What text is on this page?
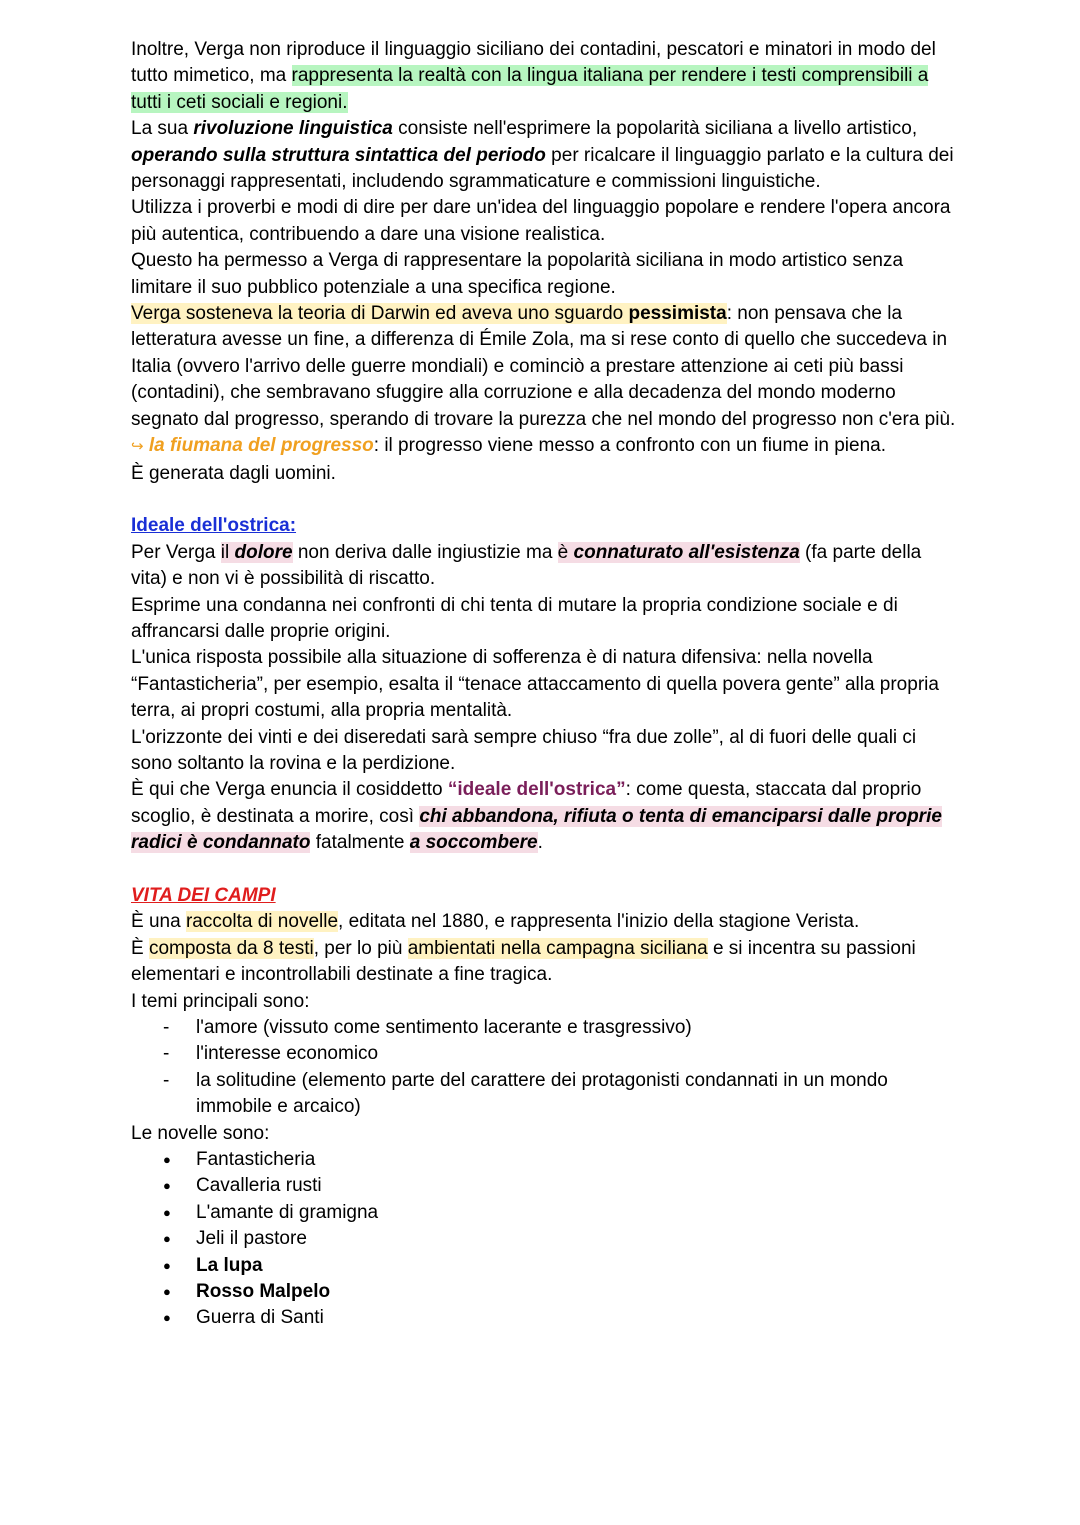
Inoltre, Verga non riproduce il linguaggio siciliano dei contadini, pescatori e minatori in modo del tutto mimetico, ma rappresenta la realtà con la lingua italiana per rendere i testi comprensibili a tutti i ceti sociali e regioni.

La sua rivoluzione linguistica consiste nell'esprimere la popolarità siciliana a livello artistico, operando sulla struttura sintattica del periodo per ricalcare il linguaggio parlato e la cultura dei personaggi rappresentati, includendo sgrammaticature e commissioni linguistiche.

Utilizza i proverbi e modi di dire per dare un'idea del linguaggio popolare e rendere l'opera ancora più autentica, contribuendo a dare una visione realistica.

Questo ha permesso a Verga di rappresentare la popolarità siciliana in modo artistico senza limitare il suo pubblico potenziale a una specifica regione.

Verga sosteneva la teoria di Darwin ed aveva uno sguardo pessimista: non pensava che la letteratura avesse un fine, a differenza di Émile Zola, ma si rese conto di quello che succedeva in Italia (ovvero l'arrivo delle guerre mondiali) e cominciò a prestare attenzione ai ceti più bassi (contadini), che sembravano sfuggire alla corruzione e alla decadenza del mondo moderno segnato dal progresso, sperando di trovare la purezza che nel mondo del progresso non c'era più.

↪ la fiumana del progresso: il progresso viene messo a confronto con un fiume in piena.

È generata dagli uomini.

Ideale dell'ostrica:

Per Verga il dolore non deriva dalle ingiustizie ma è connaturato all'esistenza (fa parte della vita) e non vi è possibilità di riscatto.

Esprime una condanna nei confronti di chi tenta di mutare la propria condizione sociale e di affrancarsi dalle proprie origini.

L'unica risposta possibile alla situazione di sofferenza è di natura difensiva: nella novella “Fantasticheria”, per esempio, esalta il “tenace attaccamento di quella povera gente” alla propria terra, ai propri costumi, alla propria mentalità.

L'orizzonte dei vinti e dei diseredati sarà sempre chiuso “fra due zolle”, al di fuori delle quali ci sono soltanto la rovina e la perdizione.

È qui che Verga enuncia il cosiddetto “ideale dell'ostrica”: come questa, staccata dal proprio scoglio, è destinata a morire, così chi abbandona, rifiuta o tenta di emanciparsi dalle proprie radici è condannato fatalmente a soccombere.

VITA DEI CAMPI

È una raccolta di novelle, editata nel 1880, e rappresenta l'inizio della stagione Verista.

È composta da 8 testi, per lo più ambientati nella campagna siciliana e si incentra su passioni elementari e incontrollabili destinate a fine tragica.

I temi principali sono:

- l'amore (vissuto come sentimento lacerante e trasgressivo)
- l'interesse economico
- la solitudine (elemento parte del carattere dei protagonisti condannati in un mondo immobile e arcaico)

Le novelle sono:

● Fantasticheria
● Cavalleria rusti
● L'amante di gramigna
● Jeli il pastore
● La lupa
● Rosso Malpelo
● Guerra di Santi
